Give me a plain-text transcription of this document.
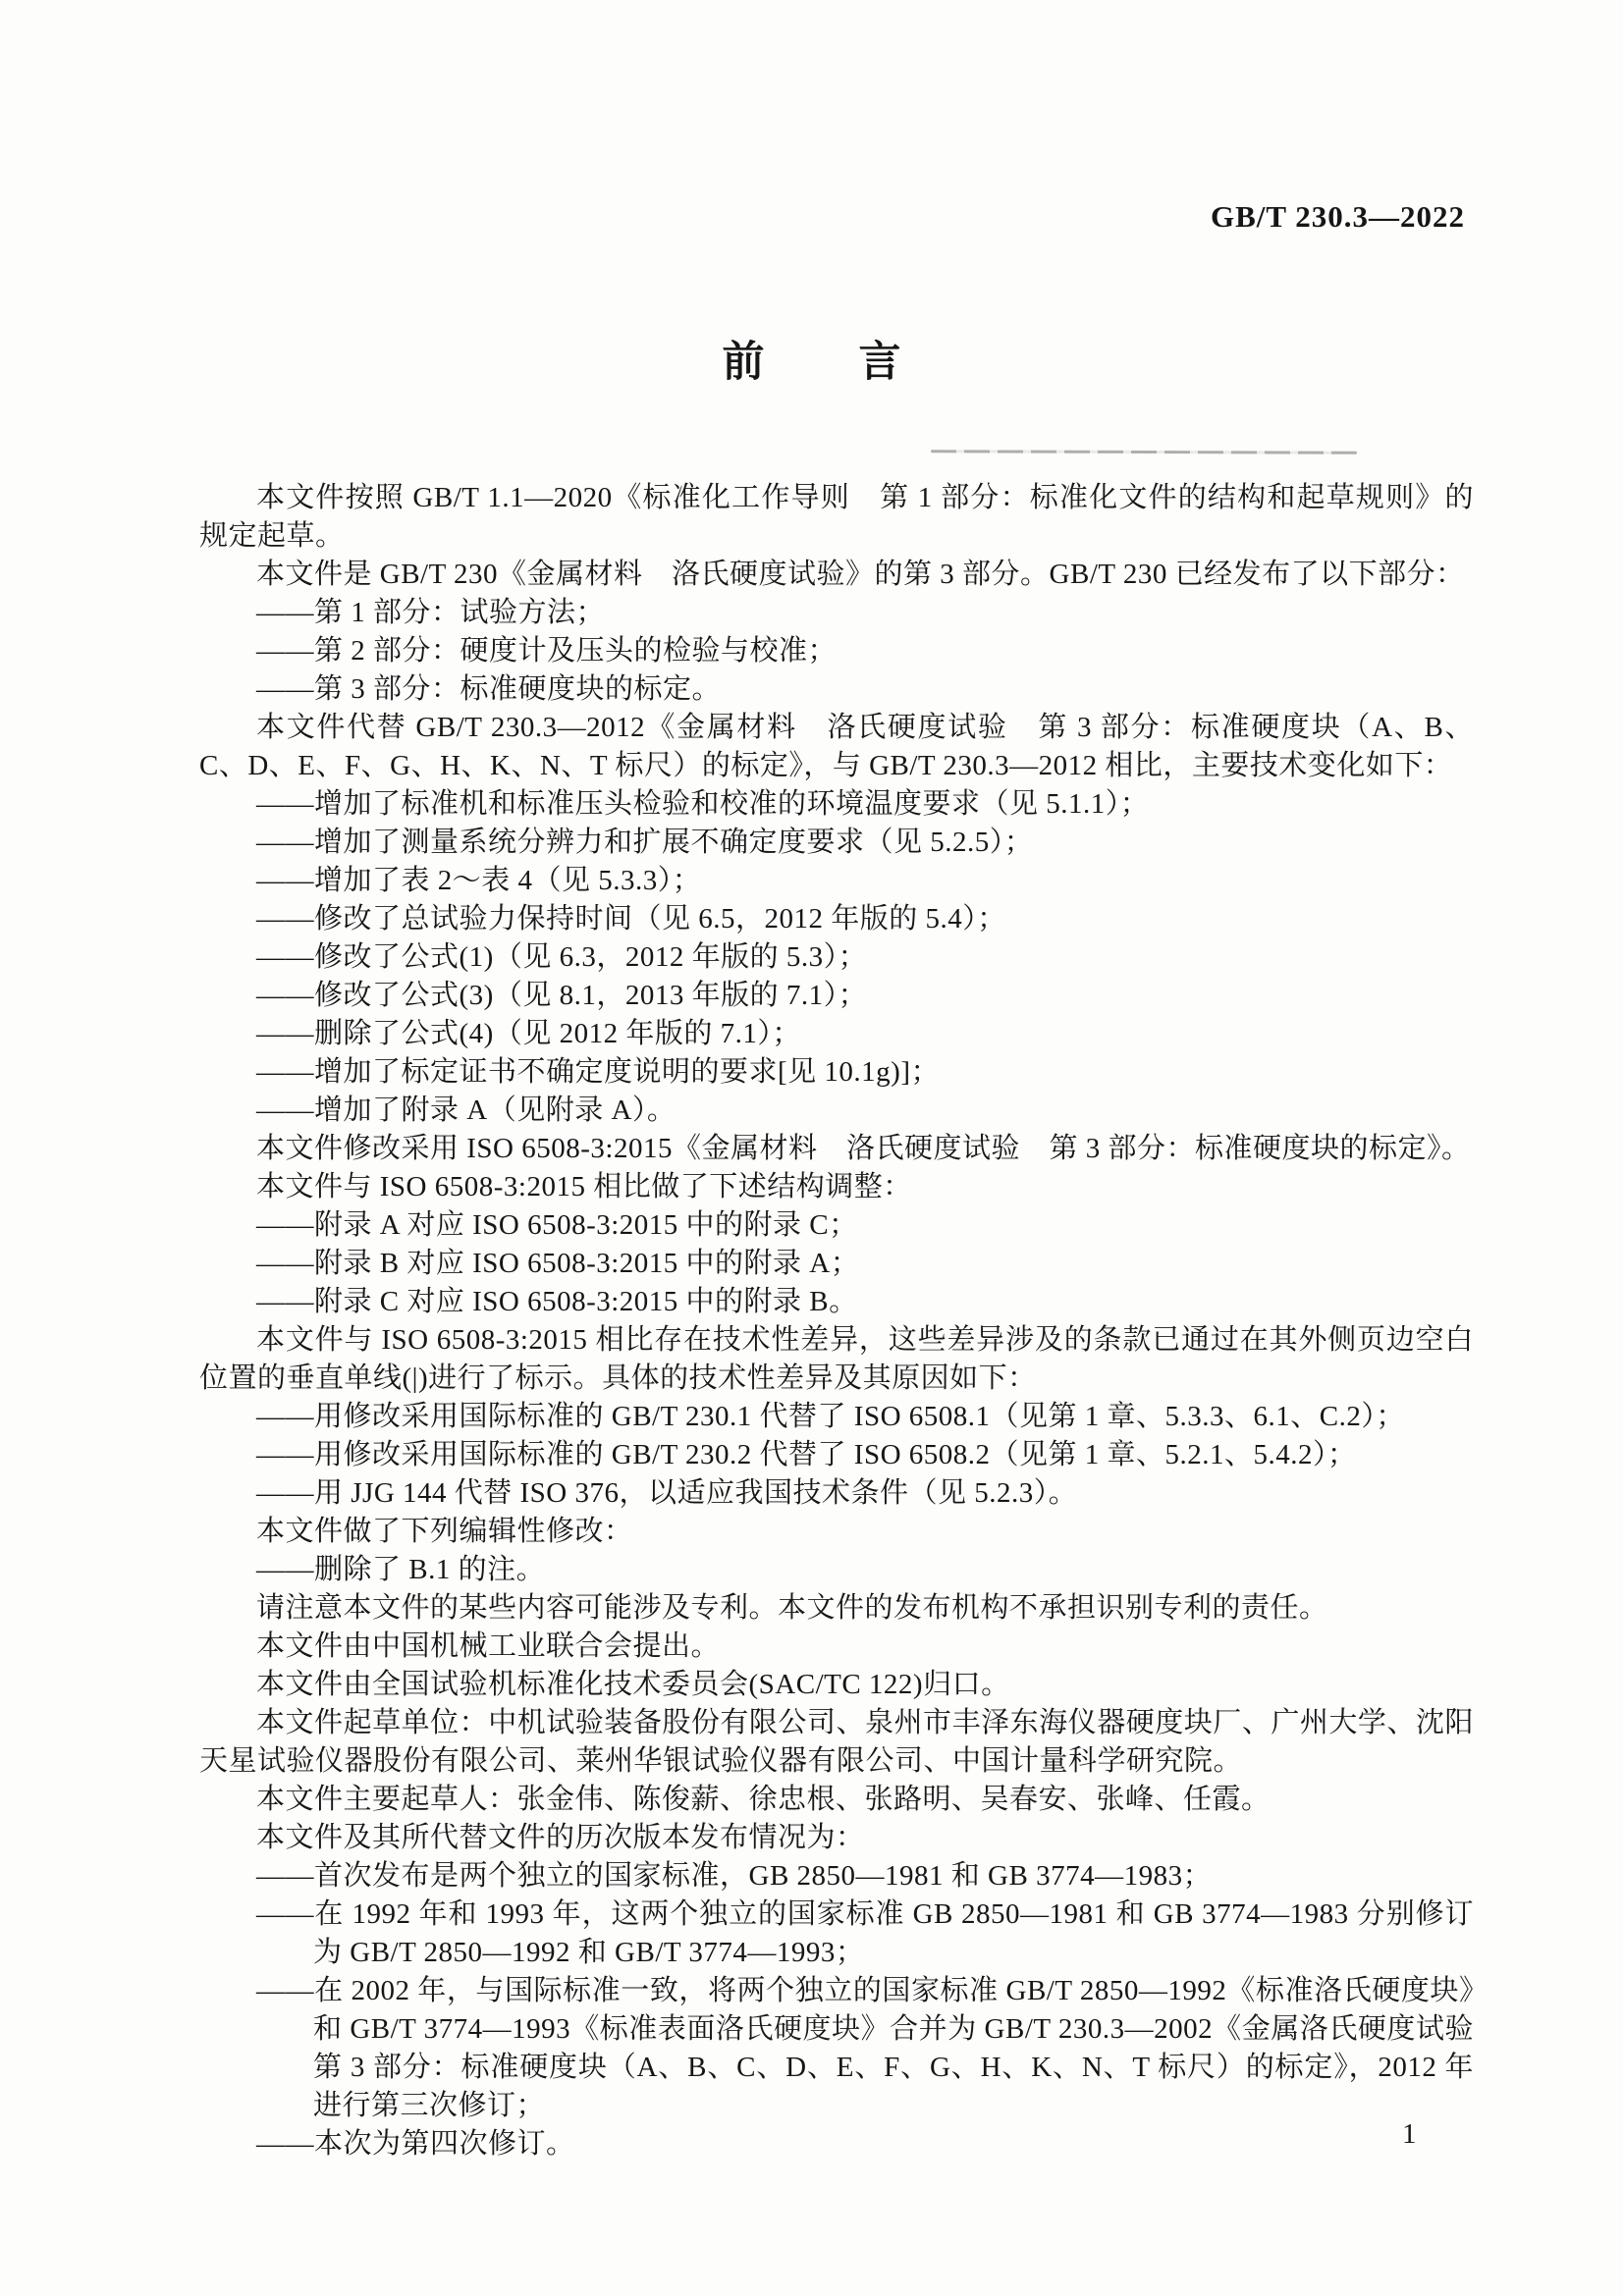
GB/T 230.3—2022
前 言
本文件按照 GB/T 1.1—2020《标准化工作导则　第 1 部分：标准化文件的结构和起草规则》的规定起草。
本文件是 GB/T 230《金属材料　洛氏硬度试验》的第 3 部分。GB/T 230 已经发布了以下部分：
——第 1 部分：试验方法；
——第 2 部分：硬度计及压头的检验与校准；
——第 3 部分：标准硬度块的标定。
本文件代替 GB/T 230.3—2012《金属材料　洛氏硬度试验　第 3 部分：标准硬度块（A、B、C、D、E、F、G、H、K、N、T 标尺）的标定》，与 GB/T 230.3—2012 相比，主要技术变化如下：
——增加了标准机和标准压头检验和校准的环境温度要求（见 5.1.1）；
——增加了测量系统分辨力和扩展不确定度要求（见 5.2.5）；
——增加了表 2～表 4（见 5.3.3）；
——修改了总试验力保持时间（见 6.5，2012 年版的 5.4）；
——修改了公式(1)（见 6.3，2012 年版的 5.3）；
——修改了公式(3)（见 8.1，2013 年版的 7.1）；
——删除了公式(4)（见 2012 年版的 7.1）；
——增加了标定证书不确定度说明的要求[见 10.1g)]；
——增加了附录 A（见附录 A）。
本文件修改采用 ISO 6508-3:2015《金属材料　洛氏硬度试验　第 3 部分：标准硬度块的标定》。
本文件与 ISO 6508-3:2015 相比做了下述结构调整：
——附录 A 对应 ISO 6508-3:2015 中的附录 C；
——附录 B 对应 ISO 6508-3:2015 中的附录 A；
——附录 C 对应 ISO 6508-3:2015 中的附录 B。
本文件与 ISO 6508-3:2015 相比存在技术性差异，这些差异涉及的条款已通过在其外侧页边空白位置的垂直单线(|)进行了标示。具体的技术性差异及其原因如下：
——用修改采用国际标准的 GB/T 230.1 代替了 ISO 6508.1（见第 1 章、5.3.3、6.1、C.2）；
——用修改采用国际标准的 GB/T 230.2 代替了 ISO 6508.2（见第 1 章、5.2.1、5.4.2）；
——用 JJG 144 代替 ISO 376，以适应我国技术条件（见 5.2.3）。
本文件做了下列编辑性修改：
——删除了 B.1 的注。
请注意本文件的某些内容可能涉及专利。本文件的发布机构不承担识别专利的责任。
本文件由中国机械工业联合会提出。
本文件由全国试验机标准化技术委员会(SAC/TC 122)归口。
本文件起草单位：中机试验装备股份有限公司、泉州市丰泽东海仪器硬度块厂、广州大学、沈阳天星试验仪器股份有限公司、莱州华银试验仪器有限公司、中国计量科学研究院。
本文件主要起草人：张金伟、陈俊薪、徐忠根、张路明、吴春安、张峰、任霞。
本文件及其所代替文件的历次版本发布情况为：
——首次发布是两个独立的国家标准，GB 2850—1981 和 GB 3774—1983；
——在 1992 年和 1993 年，这两个独立的国家标准 GB 2850—1981 和 GB 3774—1983 分别修订为 GB/T 2850—1992 和 GB/T 3774—1993；
——在 2002 年，与国际标准一致，将两个独立的国家标准 GB/T 2850—1992《标准洛氏硬度块》和 GB/T 3774—1993《标准表面洛氏硬度块》合并为 GB/T 230.3—2002《金属洛氏硬度试验　第 3 部分：标准硬度块（A、B、C、D、E、F、G、H、K、N、T 标尺）的标定》，2012 年进行第三次修订；
——本次为第四次修订。	1
